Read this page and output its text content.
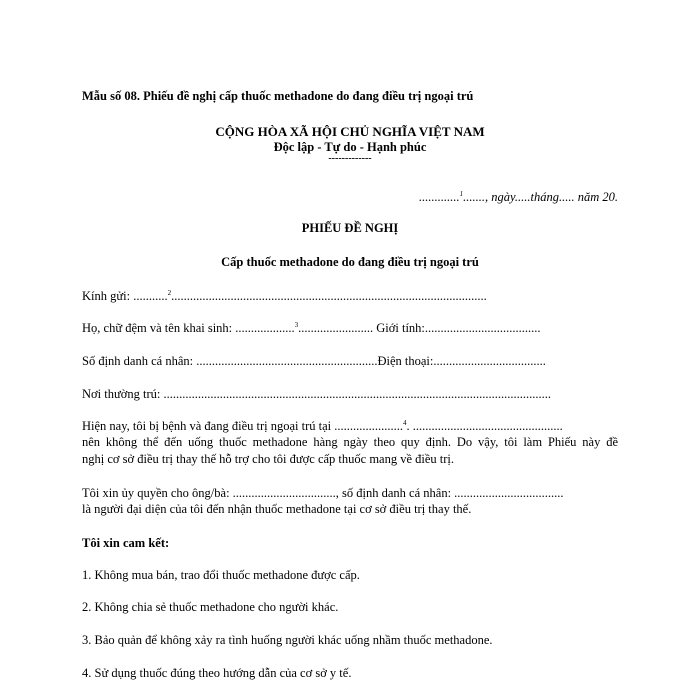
Mẫu số 08. Phiếu đề nghị cấp thuốc methadone do đang điều trị ngoại trú
CỘNG HÒA XÃ HỘI CHỦ NGHĨA VIỆT NAM
Độc lập - Tự do - Hạnh phúc
-------------
.............$^1$......., ngày.....tháng..... năm 20.
PHIẾU ĐỀ NGHỊ
Cấp thuốc methadone do đang điều trị ngoại trú
Kính gửi: ...........$^2$.....................................................................................................
Họ, chữ đệm và tên khai sinh: ...................$^3$........................ Giới tính:.....................................
Số định danh cá nhân: ..........................................................Điện thoại:....................................
Nơi thường trú: ............................................................................................................................
Hiện nay, tôi bị bệnh và đang điều trị ngoại trú tại ......................$^4$. ................................................
nên không thể đến uống thuốc methadone hàng ngày theo quy định. Do vậy, tôi làm Phiếu này đề
nghị cơ sở điều trị thay thế hỗ trợ cho tôi được cấp thuốc mang về điều trị.
Tôi xin ủy quyền cho ông/bà: ................................., số định danh cá nhân: ...................................
là người đại diện của tôi đến nhận thuốc methadone tại cơ sở điều trị thay thế.
Tôi xin cam kết:
1. Không mua bán, trao đổi thuốc methadone được cấp.
2. Không chia sẻ thuốc methadone cho người khác.
3. Bảo quản để không xảy ra tình huống người khác uống nhầm thuốc methadone.
4. Sử dụng thuốc đúng theo hướng dẫn của cơ sở y tế.
